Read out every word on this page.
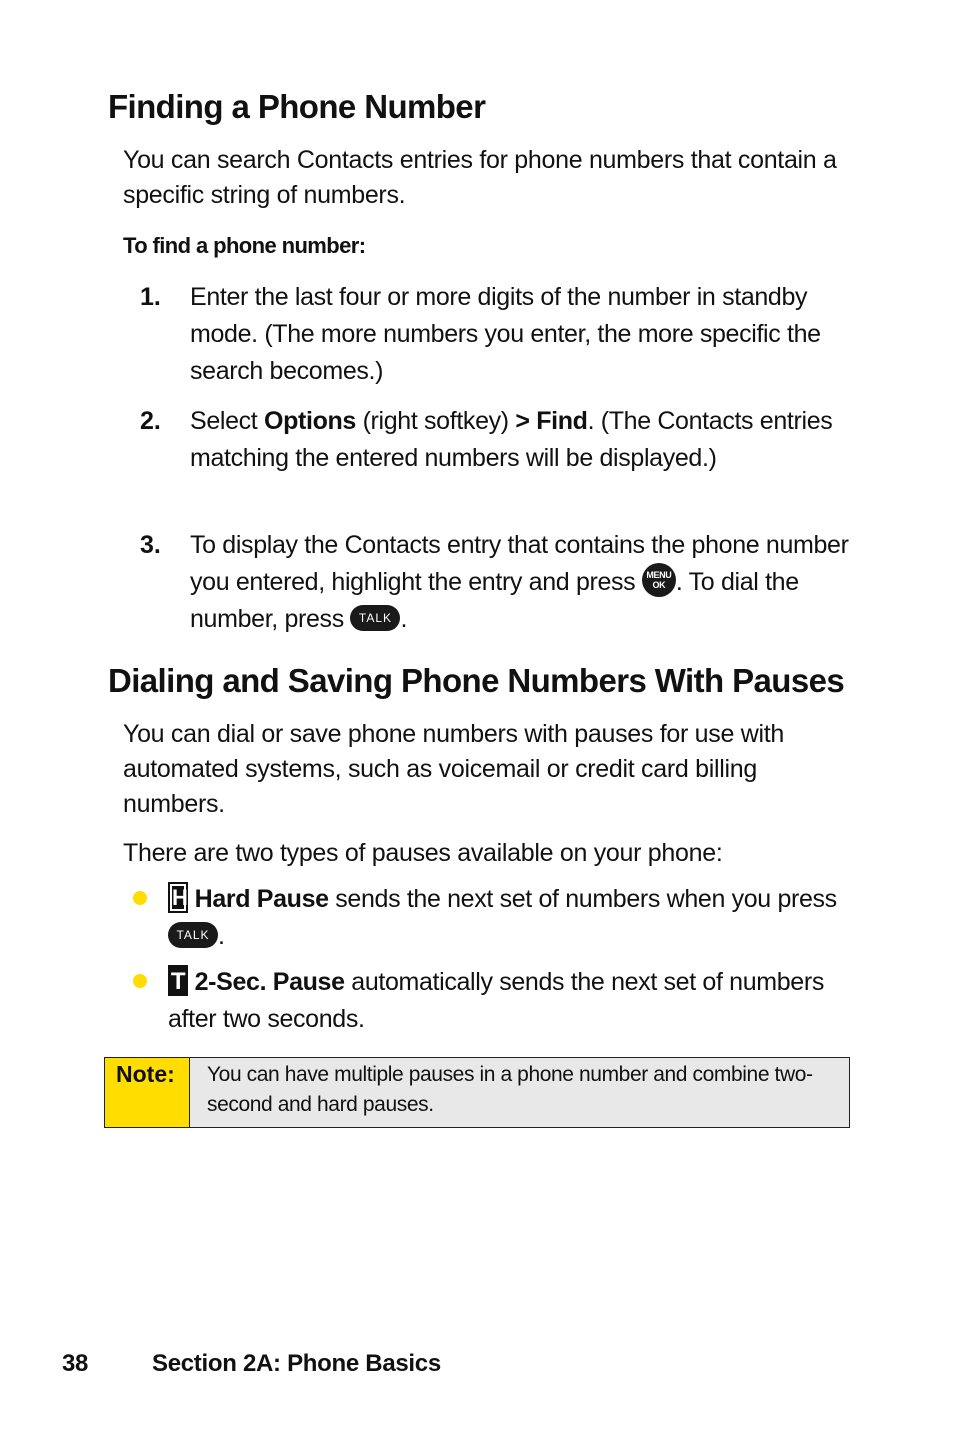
Finding a Phone Number

You can search Contacts entries for phone numbers that contain a specific string of numbers.

To find a phone number:

1.	Enter the last four or more digits of the number in standby mode. (The more numbers you enter, the more specific the search becomes.)
2.	Select Options (right softkey) > Find. (The Contacts entries matching the entered numbers will be displayed.)
3.	To display the Contacts entry that contains the phone number you entered, highlight the entry and press MENU
OK . To dial the number, press TALK .
Dialing and Saving Phone Numbers With Pauses

You can dial or save phone numbers with pauses for use with automated systems, such as voicemail or credit card billing numbers.

There are two types of pauses available on your phone:

H Hard Pause sends the next set of numbers when you press TALK .
T 2-Sec. Pause automatically sends the next set of numbers after two seconds.
Note:	You can have multiple pauses in a phone number and combine two-second and hard pauses.
38	Section 2A: Phone Basics
